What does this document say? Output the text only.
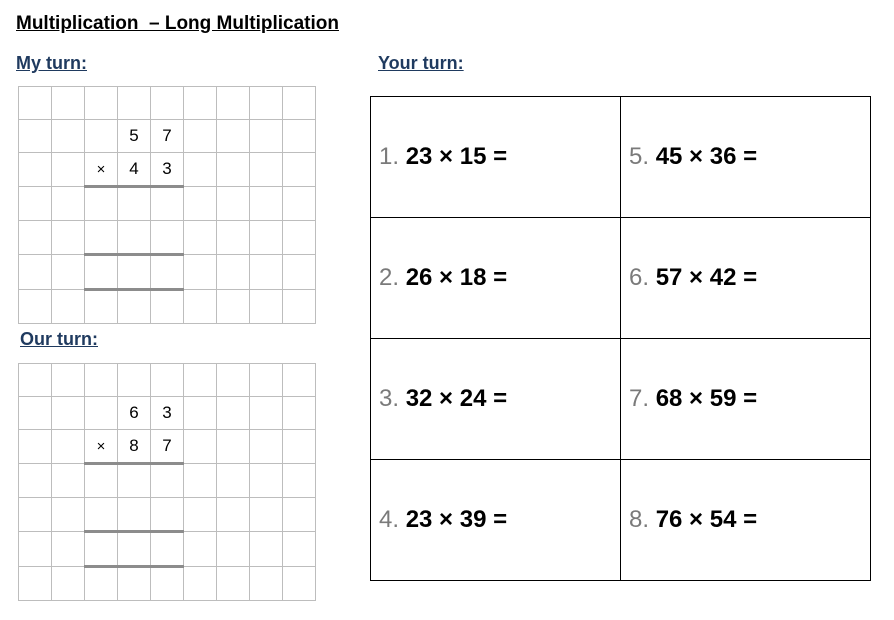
Multiplication  – Long Multiplication
My turn:	Your turn:
Our turn:

			5	7				
		×	4	3				

			6	3				
		×	8	7				

1. 23 × 15 =	5. 45 × 36 =
2. 26 × 18 =	6. 57 × 42 =
3. 32 × 24 =	7. 68 × 59 =
4. 23 × 39 =	8. 76 × 54 =
